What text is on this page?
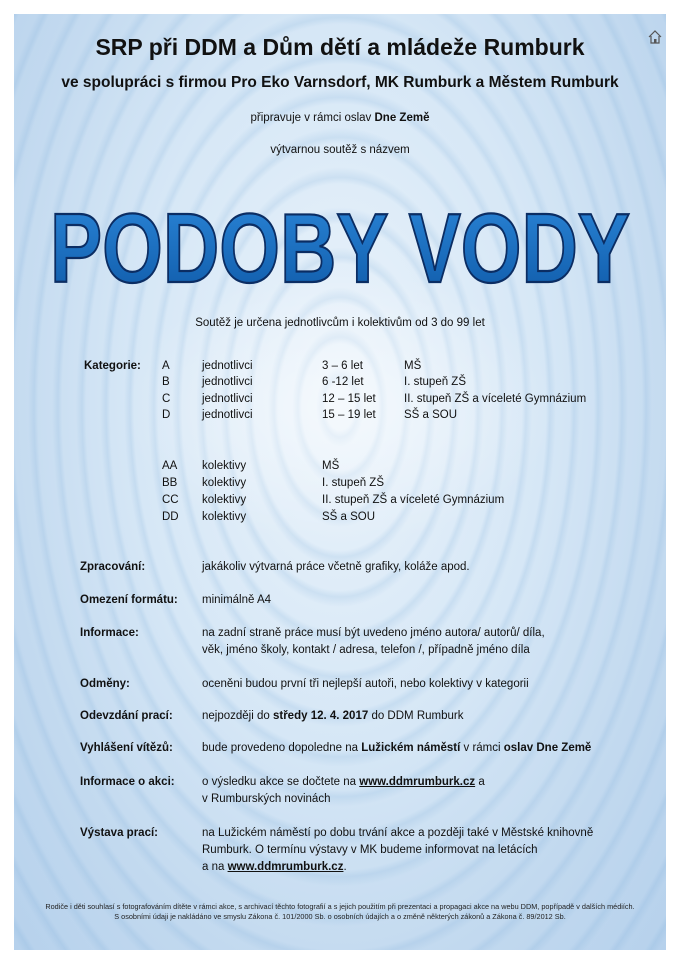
SRP při DDM a Dům dětí a mládeže Rumburk
ve spolupráci s firmou Pro Eko Varnsdorf, MK Rumburk a Městem Rumburk
připravuje v rámci oslav Dne Země
výtvarnou soutěž s názvem
PODOBY VODY
Soutěž je určena jednotlivcům i kolektivům od 3 do 99 let
Kategorie: A	jednotlivci	3 – 6 let	MŠ
B	jednotlivci	6 -12 let	I. stupeň ZŠ
C	jednotlivci	12 – 15 let II. stupeň ZŠ a víceleté Gymnázium
D	jednotlivci	15 – 19 let SŠ a SOU
AA kolektivy	MŠ
BB kolektivy	I. stupeň ZŠ
CC kolektivy	II. stupeň ZŠ a víceleté Gymnázium
DD kolektivy	SŠ a SOU
Zpracování:	jakákoliv výtvarná práce včetně grafiky, koláže apod.
Omezení formátu: minimálně A4
Informace:	na zadní straně práce musí být uvedeno jméno autora/ autorů/ díla,
věk, jméno školy, kontakt / adresa, telefon /, případně jméno díla
Odměny:	oceněni budou první tři nejlepší autoři, nebo kolektivy v kategorii
Odevzdání prací:	nejpozději do středy 12. 4. 2017 do DDM Rumburk
Vyhlášení vítězů:	bude provedeno dopoledne na Lužickém náměstí v rámci oslav Dne Země
Informace o akci: o výsledku akce se dočtete na www.ddmrumburk.cz a
v Rumburských novinách
Výstava prací:	na Lužickém náměstí po dobu trvání akce a později také v Městské knihovně
Rumburk. O termínu výstavy v MK budeme informovat na letácích
a na www.ddmrumburk.cz.
Rodiče i děti souhlasí s fotografováním dítěte v rámci akce, s archivací těchto fotografií a s jejich použitím při prezentaci a propagaci akce na webu DDM, popřípadě v dalších médiích. S osobními údaji je nakládáno ve smyslu Zákona č. 101/2000 Sb. o osobních údajích a o změně některých zákonů a Zákona č. 89/2012 Sb.
